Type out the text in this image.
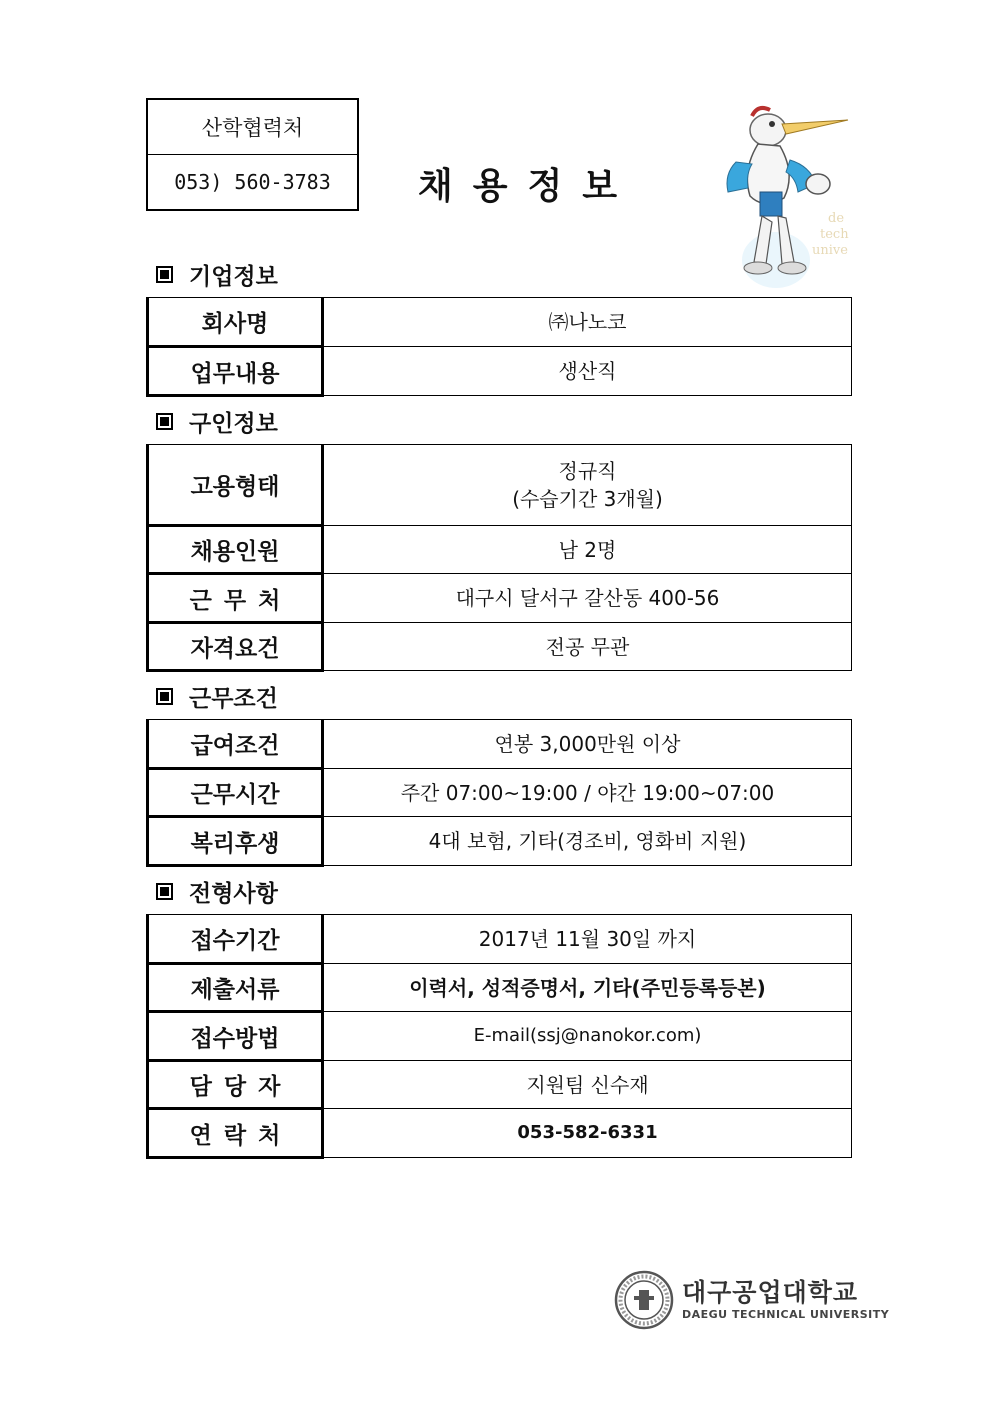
산학협력처
053) 560-3783	채용정보
de
tech
unive
기업정보
회사명	㈜나노코
업무내용	생산직
구인정보
고용형태	정규직
(수습기간 3개월)

채용인원	남 2명
근무처	대구시 달서구 갈산동 400-56
자격요건	전공 무관
근무조건
급여조건	연봉 3,000만원 이상
근무시간	주간 07:00~19:00 / 야간 19:00~07:00
복리후생	4대 보험, 기타(경조비, 영화비 지원)
전형사항
접수기간	2017년 11월 30일 까지
제출서류	이력서, 성적증명서, 기타(주민등록등본)
접수방법	E-mail(ssj@nanokor.com)
담당자	지원팀 신수재
연락처	053-582-6331
대구공업대학교
DAEGU TECHNICAL UNIVERSITY
